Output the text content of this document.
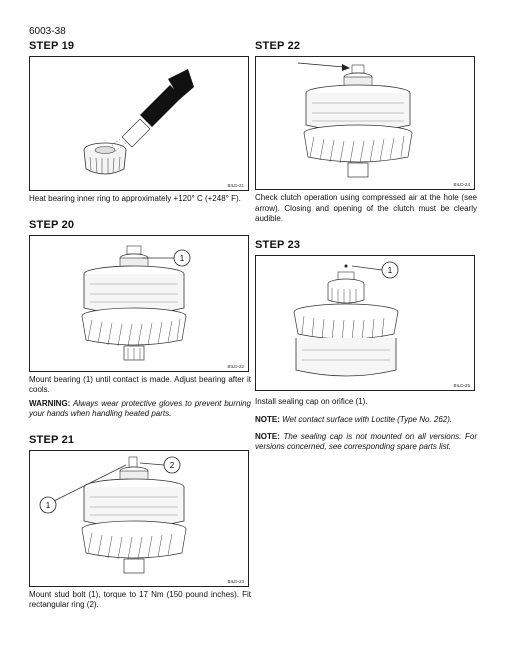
6003-38
STEP 19
BILD-21

Heat bearing inner ring to approximately +120° C (+248° F).

STEP 20
1
BILD-22

Mount bearing (1) until contact is made. Adjust bearing after it cools.

WARNING: Always wear protective gloves to prevent burning your hands when handling heated parts.

STEP 21
1
2
BILD-23

Mount stud bolt (1), torque to 17 Nm (150 pound inches). Fit rectangular ring (2).

STEP 22
BILD-24

Check clutch operation using compressed air at the hole (see arrow). Closing and opening of the clutch must be clearly audible.

STEP 23
1
BILD-25

Install sealing cap on orifice (1).

NOTE: Wet contact surface with Loctite (Type No. 262).

NOTE: The sealing cap is not mounted on all versions. For versions concerned, see corresponding spare parts list.
